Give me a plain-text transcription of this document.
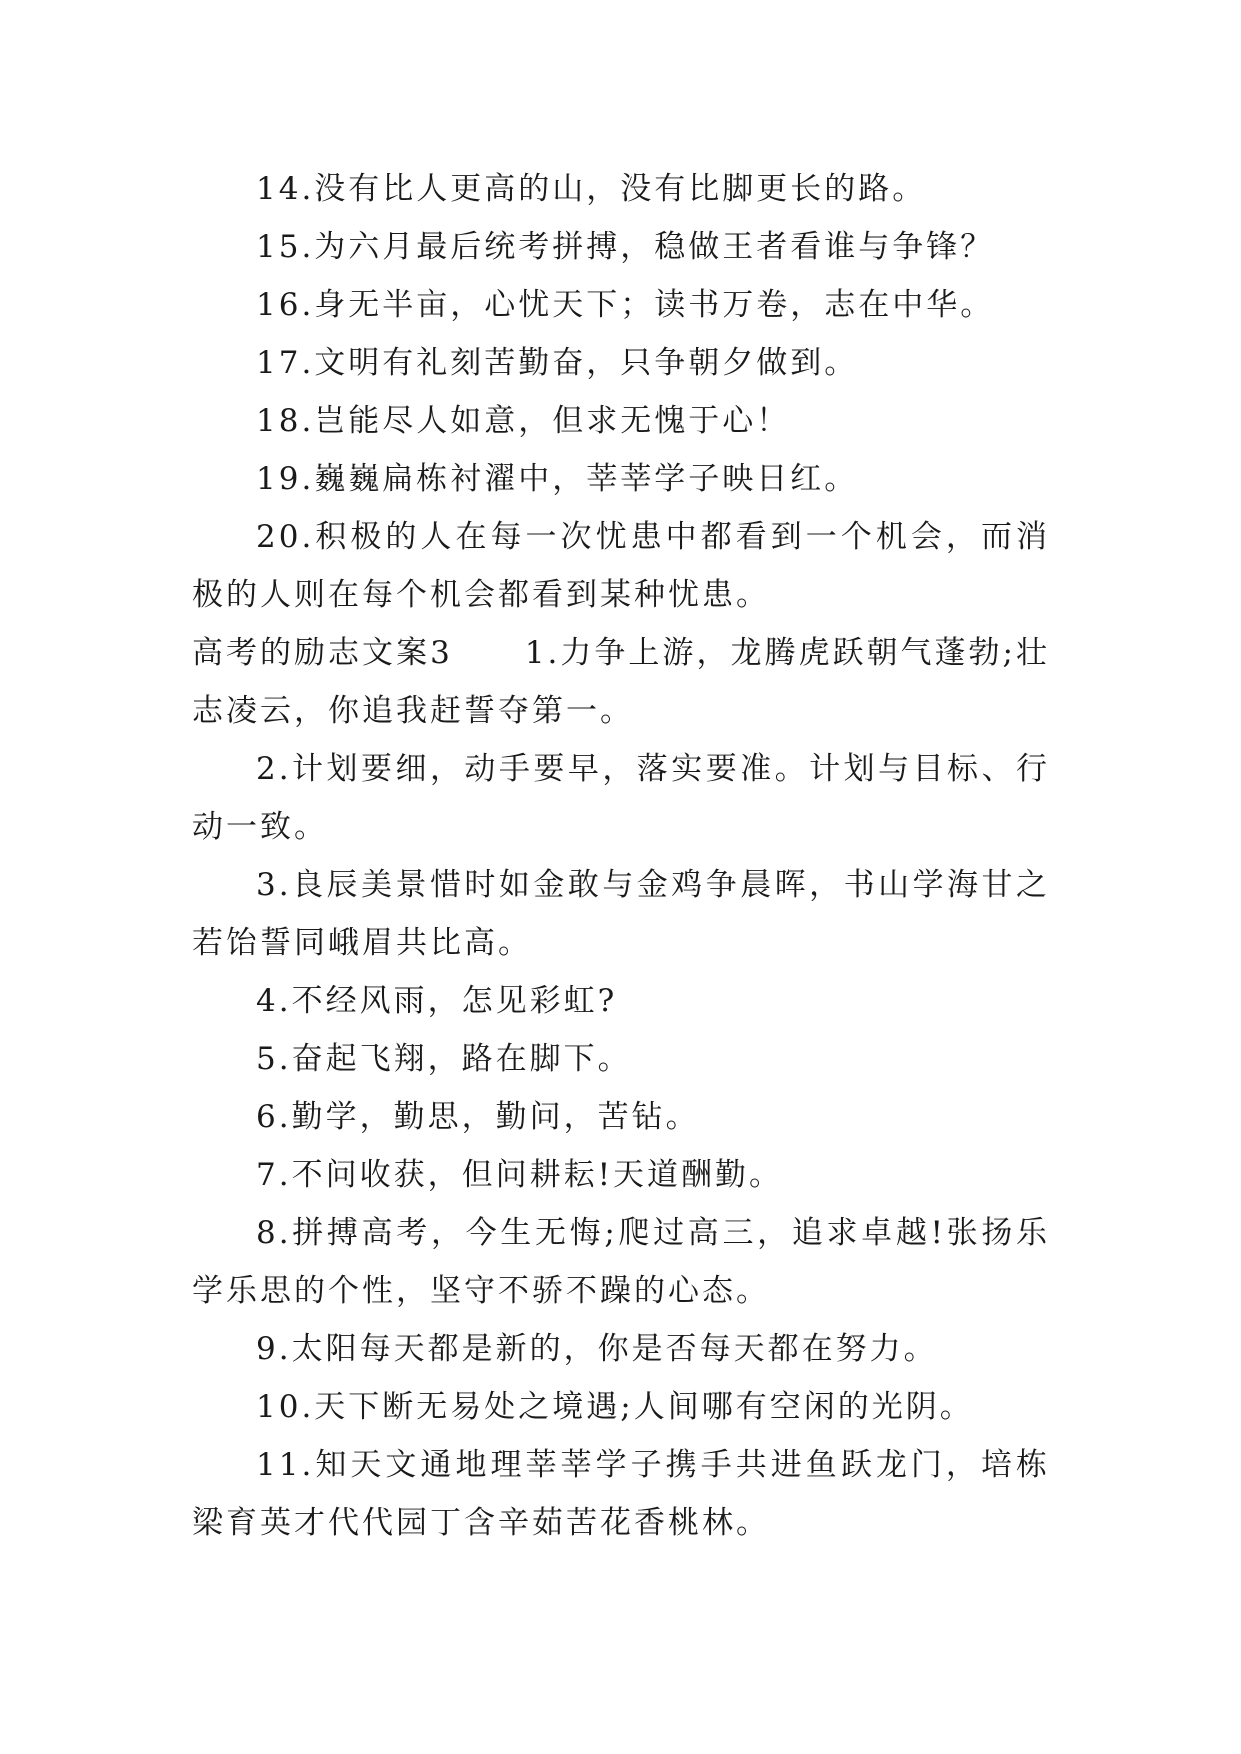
14.没有比人更高的山，没有比脚更长的路。

15.为六月最后统考拼搏，稳做王者看谁与争锋？

16.身无半亩，心忧天下；读书万卷，志在中华。

17.文明有礼刻苦勤奋，只争朝夕做到。

18.岂能尽人如意，但求无愧于心！

19.巍巍扁栋衬濯中，莘莘学子映日红。

20.积极的人在每一次忧患中都看到一个机会，而消极的人则在每个机会都看到某种忧患。

高考的励志文案3 1.力争上游，龙腾虎跃朝气蓬勃;壮志凌云，你追我赶誓夺第一。

2.计划要细，动手要早，落实要准。计划与目标、行动一致。

3.良辰美景惜时如金敢与金鸡争晨晖，书山学海甘之若饴誓同峨眉共比高。

4.不经风雨，怎见彩虹?

5.奋起飞翔，路在脚下。

6.勤学，勤思，勤问，苦钻。

7.不问收获，但问耕耘!天道酬勤。

8.拼搏高考，今生无悔;爬过高三，追求卓越!张扬乐学乐思的个性，坚守不骄不躁的心态。

9.太阳每天都是新的，你是否每天都在努力。

10.天下断无易处之境遇;人间哪有空闲的光阴。

11.知天文通地理莘莘学子携手共进鱼跃龙门，培栋梁育英才代代园丁含辛茹苦花香桃林。
